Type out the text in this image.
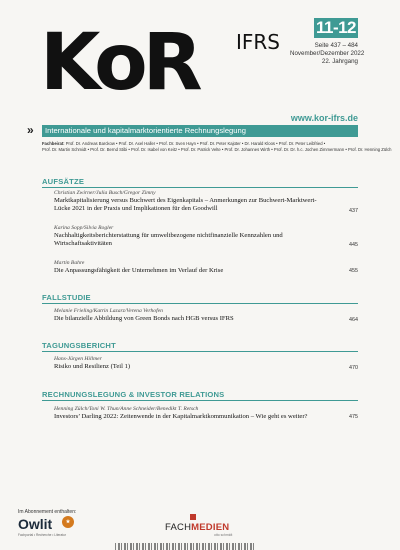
11-12
Seite 437 – 484
November/Dezember 2022
22. Jahrgang
KoR IFRS
www.kor-ifrs.de
»	Internationale und kapitalmarktorientierte Rechnungslegung
Fachbeirat: Prof. Dr. Andreas Barckow • Prof. Dr. Axel Haller • Prof. Dr. Sven Hayn • Prof. Dr. Peter Kajüter • Dr. Harald Kloos • Prof. Dr. Peter Leibfried •
Prof. Dr. Martin Schmidt • Prof. Dr. Bernd Stibi • Prof. Dr. Isabel von Keitz • Prof. Dr. Patrick Velte • Prof. Dr. Johannes Wirth • Prof. Dr. Dr. h.c. Jochen Zimmermann • Prof. Dr. Henning Zülch
AUFSÄTZE
Christian Zwirner/Julia Busch/Gregor Zimny
Marktkapitalisierung versus Buchwert des Eigenkapitals – Anmerkungen zur Buchwert-Marktwert-Lücke 2021 in der Praxis und Implikationen für den Goodwill	437
Karina Sopp/Silvia Rogler
Nachhaltigkeitsberichterstattung für umweltbezogene nichtfinanzielle Kennzahlen und Wirtschaftsaktivitäten	445
Martin Bahre
Die Anpassungsfähigkeit der Unternehmen im Verlauf der Krise	455
FALLSTUDIE
Melanie Frieling/Katrin Lazarz/Verena Verhofen
Die bilanzielle Abbildung von Green Bonds nach HGB versus IFRS	464
TAGUNGSBERICHT
Hans-Jürgen Hillmer
Risiko und Resilienz (Teil 1)	470
RECHNUNGSLEGUNG & INVESTOR RELATIONS
Henning Zülch/Toni W. Thun/Anne Schneider/Benedikt T. Retsch
Investors’ Darling 2022: Zeitenwende in der Kapitalmarktkommunikation – Wie geht es weiter?	475
Im Abonnement enthalten:
Owlit	★
Fachportal • Recherche • Literatur
FACHMEDIEN
otto schmidt
